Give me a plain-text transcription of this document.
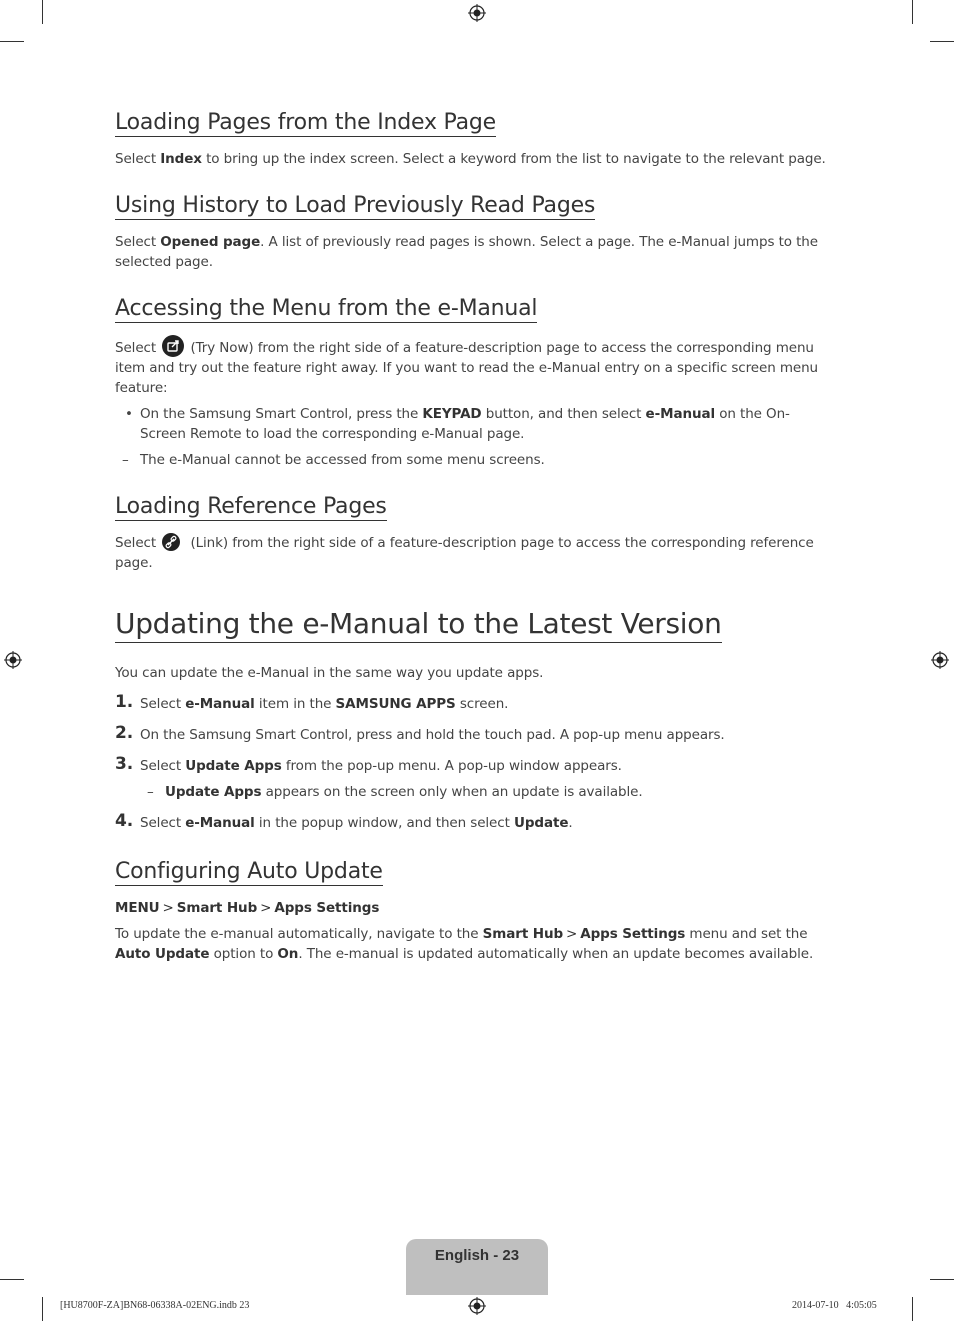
Loading Pages from the Index Page

Select Index to bring up the index screen. Select a keyword from the list to navigate to the relevant page.

Using History to Load Previously Read Pages

Select Opened page. A list of previously read pages is shown. Select a page. The e-Manual jumps to the selected page.

Accessing the Menu from the e-Manual

Select
(Try Now) from the right side of a feature-description page to access the corresponding menu item and try out the feature right away. If you want to read the e-Manual entry on a specific screen menu feature:

• On the Samsung Smart Control, press the KEYPAD button, and then select e-Manual on the On-Screen Remote to load the corresponding e-Manual page.

– The e-Manual cannot be accessed from some menu screens.

Loading Reference Pages

Select
(Link) from the right side of a feature-description page to access the corresponding reference page.

Updating the e-Manual to the Latest Version

You can update the e-Manual in the same way you update apps.

1. Select e-Manual item in the SAMSUNG APPS screen.

2. On the Samsung Smart Control, press and hold the touch pad. A pop-up menu appears.

3. Select Update Apps from the pop-up menu. A pop-up window appears.

– Update Apps appears on the screen only when an update is available.

4. Select e-Manual in the popup window, and then select Update.

Configuring Auto Update

MENU > Smart Hub > Apps Settings

To update the e-manual automatically, navigate to the Smart Hub > Apps Settings menu and set the Auto Update option to On. The e-manual is updated automatically when an update becomes available.

English - 23
[HU8700F-ZA]BN68-06338A-02ENG.indb 23	2014-07-10   4:05:05
